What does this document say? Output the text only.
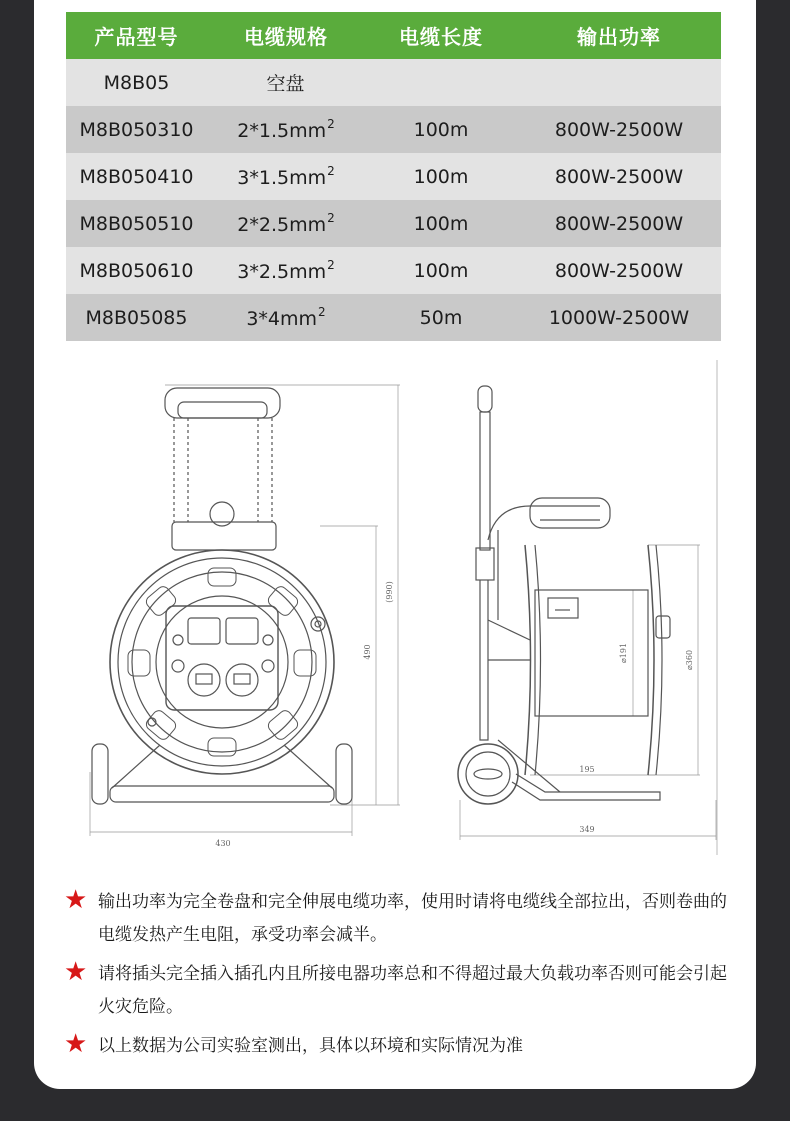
产品型号	电缆规格	电缆长度	输出功率
M8B05	空盘		
M8B050310	$2*1.5mm^2$	100m	800W-2500W
M8B050410	$3*1.5mm^2$	100m	800W-2500W
M8B050510	$2*2.5mm^2$	100m	800W-2500W
M8B050610	$3*2.5mm^2$	100m	800W-2500W
M8B05085	$3*4mm^2$	50m	1000W-2500W
430
(990)
490
195
349
⌀191	⌀360
★ 输出功率为完全卷盘和完全伸展电缆功率，使用时请将电缆线全部拉出，否则卷曲的电缆发热产生电阻，承受功率会减半。
★ 请将插头完全插入插孔内且所接电器功率总和不得超过最大负载功率否则可能会引起火灾危险。
★ 以上数据为公司实验室测出，具体以环境和实际情况为准
